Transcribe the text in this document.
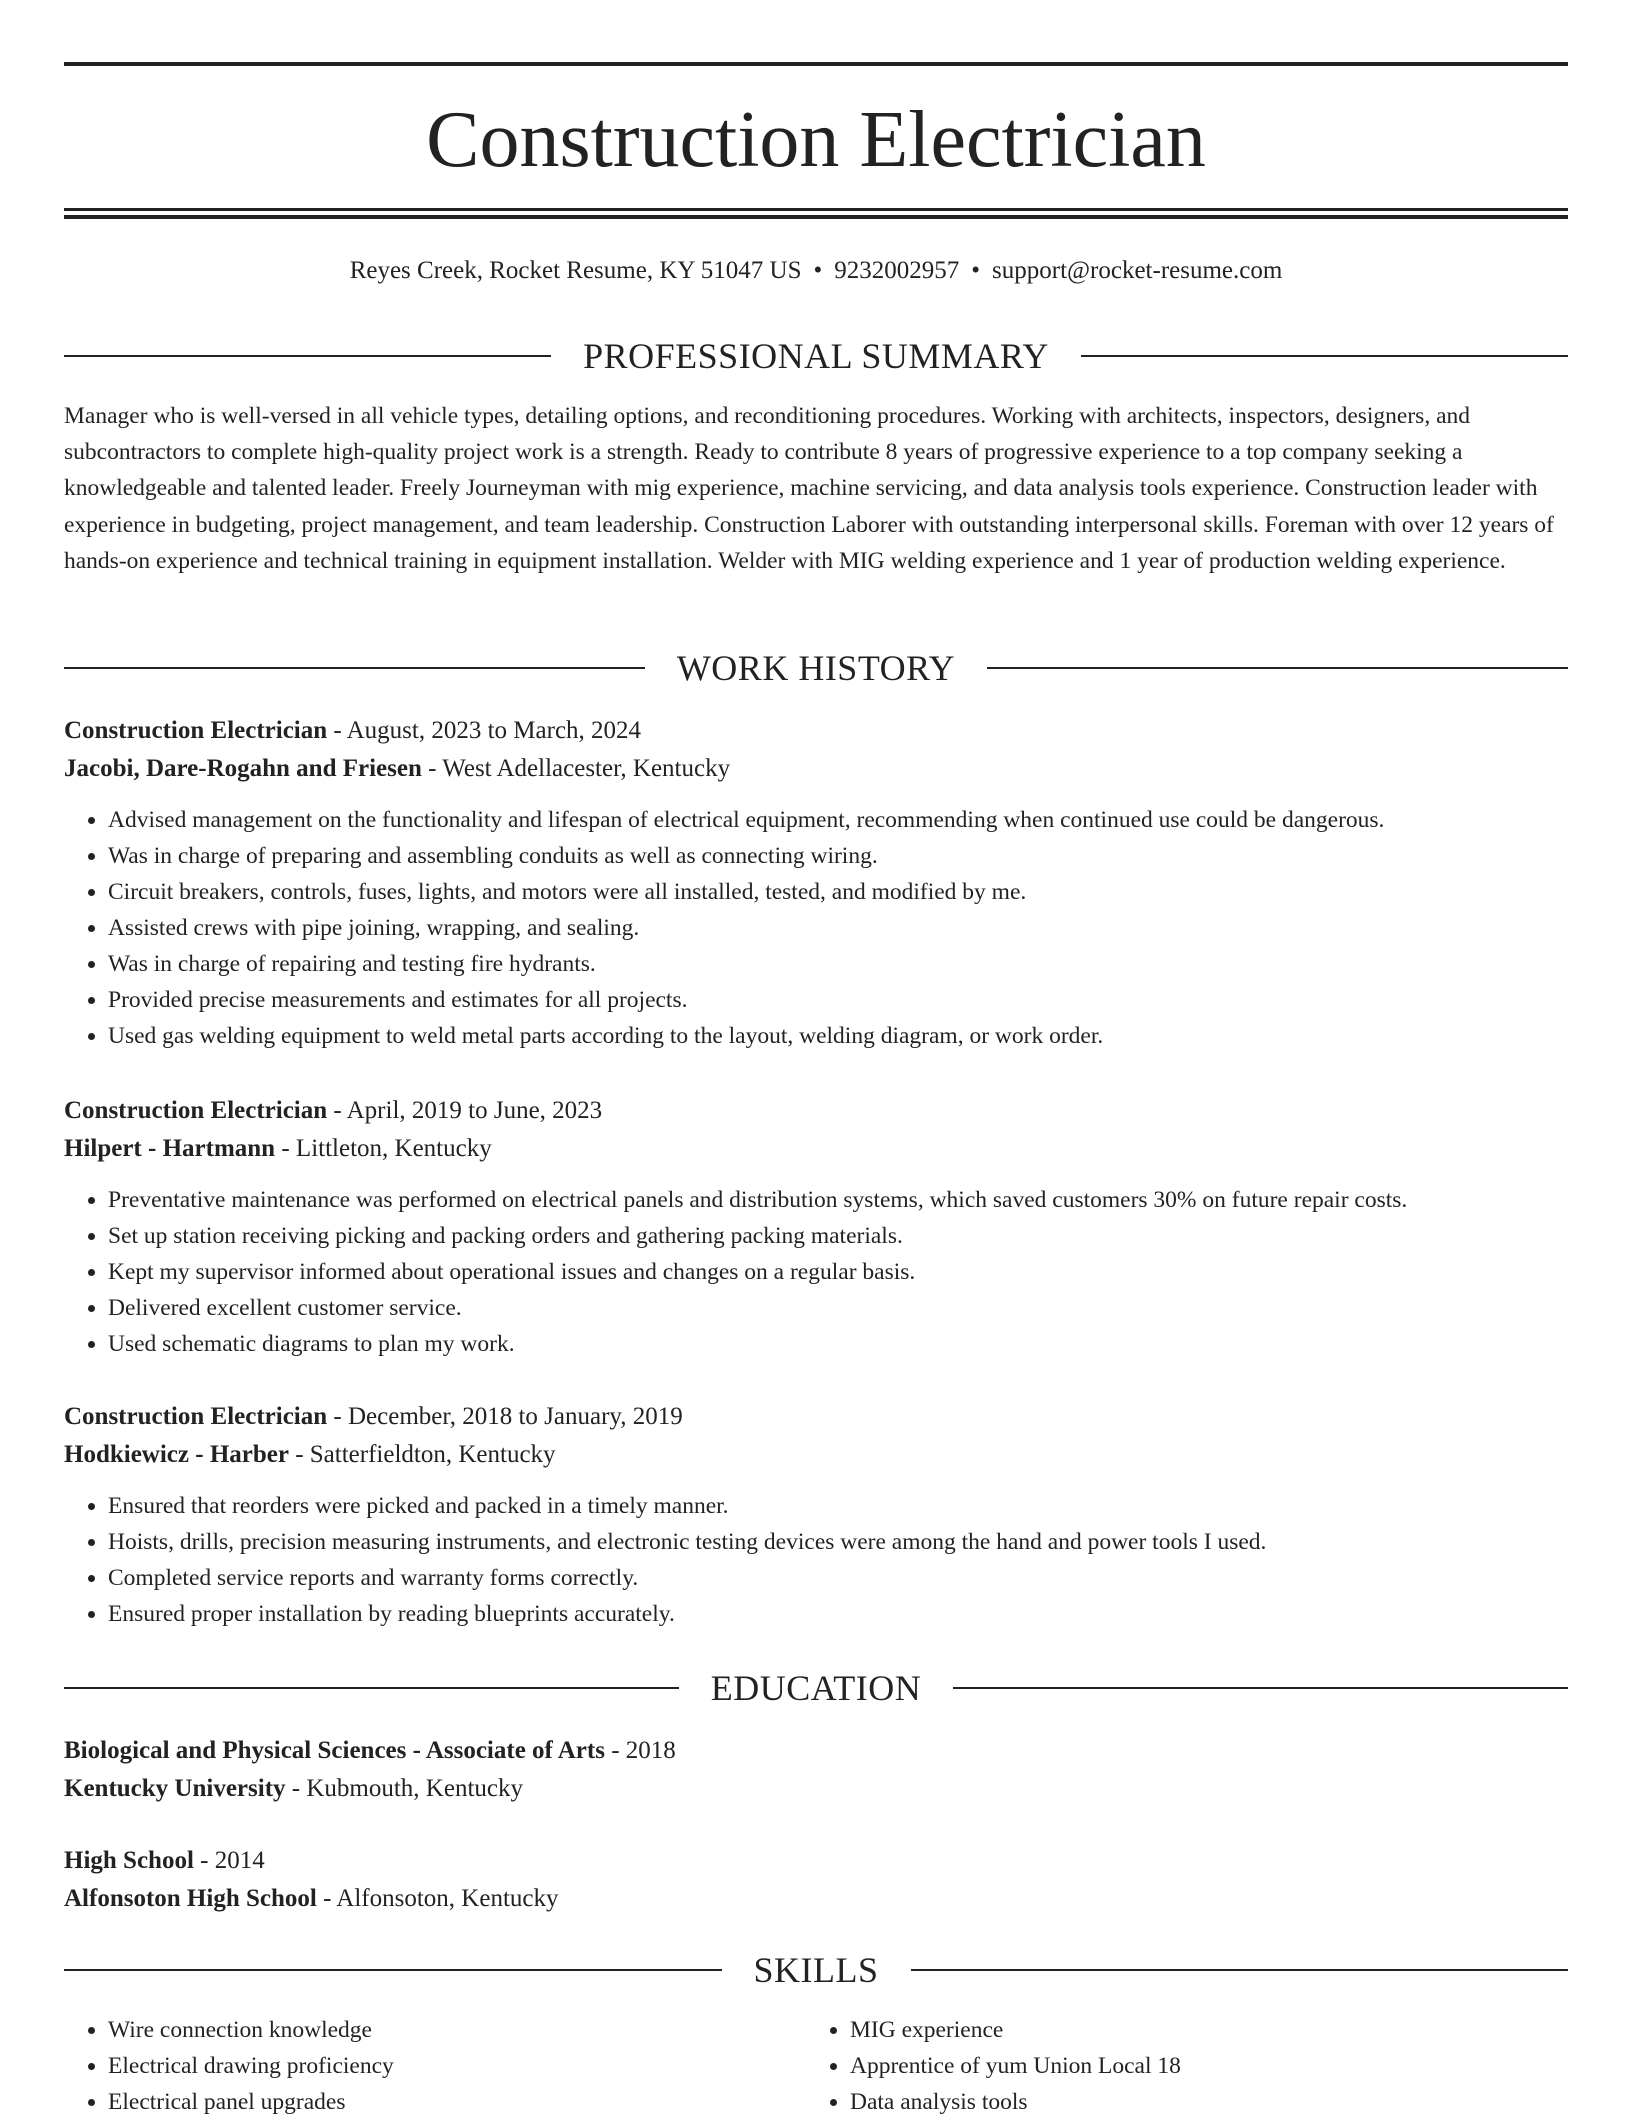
Construction Electrician
Reyes Creek, Rocket Resume, KY 51047 US • 9232002957 • support@rocket-resume.com
PROFESSIONAL SUMMARY

Manager who is well-versed in all vehicle types, detailing options, and reconditioning procedures. Working with architects, inspectors, designers, and subcontractors to complete high-quality project work is a strength. Ready to contribute 8 years of progressive experience to a top company seeking a knowledgeable and talented leader. Freely Journeyman with mig experience, machine servicing, and data analysis tools experience. Construction leader with experience in budgeting, project management, and team leadership. Construction Laborer with outstanding interpersonal skills. Foreman with over 12 years of hands-on experience and technical training in equipment installation. Welder with MIG welding experience and 1 year of production welding experience.

WORK HISTORY
Construction Electrician - August, 2023 to March, 2024
Jacobi, Dare-Rogahn and Friesen - West Adellacester, Kentucky
• Advised management on the functionality and lifespan of electrical equipment, recommending when continued use could be dangerous.
• Was in charge of preparing and assembling conduits as well as connecting wiring.
• Circuit breakers, controls, fuses, lights, and motors were all installed, tested, and modified by me.
• Assisted crews with pipe joining, wrapping, and sealing.
• Was in charge of repairing and testing fire hydrants.
• Provided precise measurements and estimates for all projects.
• Used gas welding equipment to weld metal parts according to the layout, welding diagram, or work order.
Construction Electrician - April, 2019 to June, 2023
Hilpert - Hartmann - Littleton, Kentucky
• Preventative maintenance was performed on electrical panels and distribution systems, which saved customers 30% on future repair costs.
• Set up station receiving picking and packing orders and gathering packing materials.
• Kept my supervisor informed about operational issues and changes on a regular basis.
• Delivered excellent customer service.
• Used schematic diagrams to plan my work.
Construction Electrician - December, 2018 to January, 2019
Hodkiewicz - Harber - Satterfieldton, Kentucky
• Ensured that reorders were picked and packed in a timely manner.
• Hoists, drills, precision measuring instruments, and electronic testing devices were among the hand and power tools I used.
• Completed service reports and warranty forms correctly.
• Ensured proper installation by reading blueprints accurately.
EDUCATION
Biological and Physical Sciences - Associate of Arts - 2018
Kentucky University - Kubmouth, Kentucky
High School - 2014
Alfonsoton High School - Alfonsoton, Kentucky
SKILLS
• Wire connection knowledge
• Electrical drawing proficiency
• Electrical panel upgrades
• MIG experience
• Apprentice of yum Union Local 18
• Data analysis tools
